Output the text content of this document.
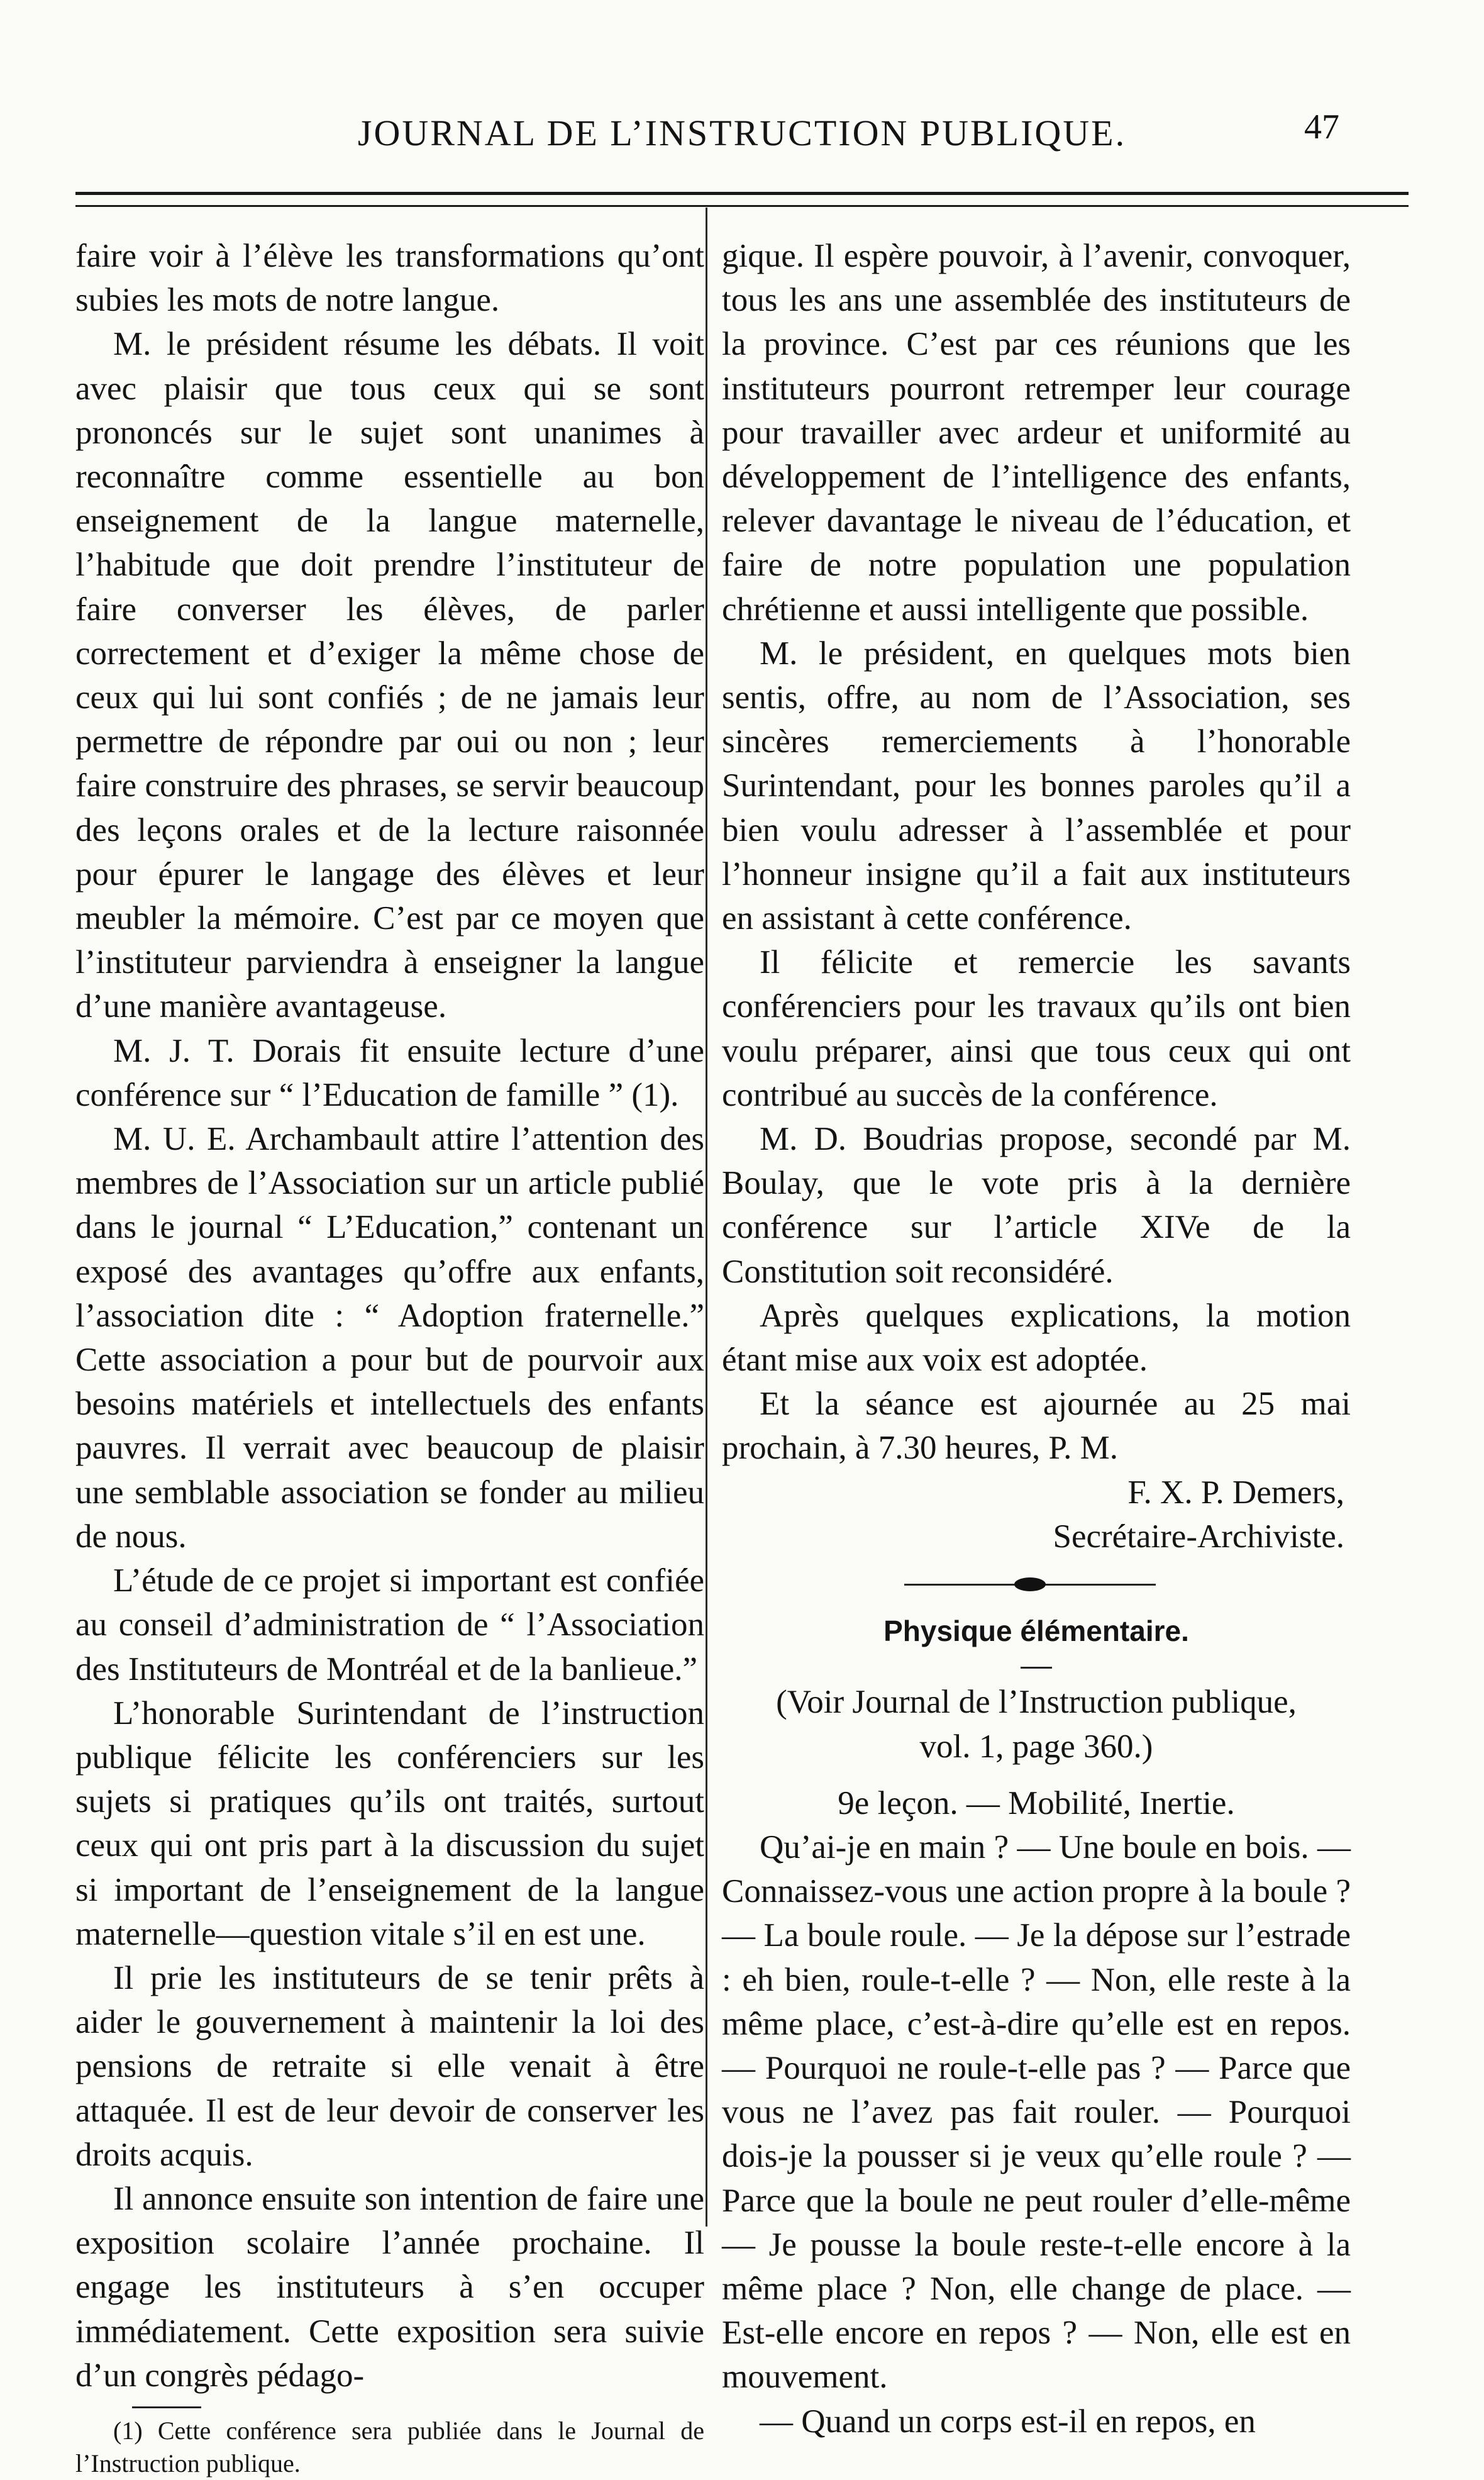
JOURNAL DE L’INSTRUCTION PUBLIQUE.	47

faire voir à l’élève les transformations qu’ont subies les mots de notre langue.

M. le président résume les débats. Il voit avec plaisir que tous ceux qui se sont prononcés sur le sujet sont unanimes à reconnaître comme essentielle au bon enseignement de la langue maternelle, l’habitude que doit prendre l’instituteur de faire converser les élèves, de parler correctement et d’exiger la même chose de ceux qui lui sont confiés ; de ne jamais leur permettre de répondre par oui ou non ; leur faire construire des phrases, se servir beaucoup des leçons orales et de la lecture raisonnée pour épurer le langage des élèves et leur meubler la mémoire. C’est par ce moyen que l’instituteur parviendra à enseigner la langue d’une manière avantageuse.

M. J. T. Dorais fit ensuite lecture d’une conférence sur “ l’Education de famille ” (1).

M. U. E. Archambault attire l’attention des membres de l’Association sur un article publié dans le journal “ L’Education,” contenant un exposé des avantages qu’offre aux enfants, l’association dite : “ Adoption fraternelle.” Cette association a pour but de pourvoir aux besoins matériels et intellectuels des enfants pauvres. Il verrait avec beaucoup de plaisir une semblable association se fonder au milieu de nous.

L’étude de ce projet si important est confiée au conseil d’administration de “ l’Association des Instituteurs de Montréal et de la banlieue.”

L’honorable Surintendant de l’instruction publique félicite les conférenciers sur les sujets si pratiques qu’ils ont traités, surtout ceux qui ont pris part à la discussion du sujet si important de l’enseignement de la langue maternelle—question vitale s’il en est une.

Il prie les instituteurs de se tenir prêts à aider le gouvernement à maintenir la loi des pensions de retraite si elle venait à être attaquée. Il est de leur devoir de conserver les droits acquis.

Il annonce ensuite son intention de faire une exposition scolaire l’année prochaine. Il engage les instituteurs à s’en occuper immédiatement. Cette exposition sera suivie d’un congrès pédago-

(1) Cette conférence sera publiée dans le Journal de l’Instruction publique.

gique. Il espère pouvoir, à l’avenir, convoquer, tous les ans une assemblée des instituteurs de la province. C’est par ces réunions que les instituteurs pourront retremper leur courage pour travailler avec ardeur et uniformité au développement de l’intelligence des enfants, relever davantage le niveau de l’éducation, et faire de notre population une population chrétienne et aussi intelligente que possible.

M. le président, en quelques mots bien sentis, offre, au nom de l’Association, ses sincères remerciements à l’honorable Surintendant, pour les bonnes paroles qu’il a bien voulu adresser à l’assemblée et pour l’honneur insigne qu’il a fait aux instituteurs en assistant à cette conférence.

Il félicite et remercie les savants conférenciers pour les travaux qu’ils ont bien voulu préparer, ainsi que tous ceux qui ont contribué au succès de la conférence.

M. D. Boudrias propose, secondé par M. Boulay, que le vote pris à la dernière conférence sur l’article XIVe de la Constitution soit reconsidéré.

Après quelques explications, la motion étant mise aux voix est adoptée.

Et la séance est ajournée au 25 mai prochain, à 7.30 heures, P. M.

F. X. P. Demers,

Secrétaire-Archiviste.

Physique élémentaire.

(Voir Journal de l’Instruction publique,

vol. 1, page 360.)

9e leçon. — Mobilité, Inertie.

Qu’ai-je en main ? — Une boule en bois. — Connaissez-vous une action propre à la boule ? — La boule roule. — Je la dépose sur l’estrade : eh bien, roule-t-elle ? — Non, elle reste à la même place, c’est-à-dire qu’elle est en repos. — Pourquoi ne roule-t-elle pas ? — Parce que vous ne l’avez pas fait rouler. — Pourquoi dois-je la pousser si je veux qu’elle roule ? — Parce que la boule ne peut rouler d’elle-même — Je pousse la boule reste-t-elle encore à la même place ? Non, elle change de place. — Est-elle encore en repos ? — Non, elle est en mouvement.

— Quand un corps est-il en repos, en
